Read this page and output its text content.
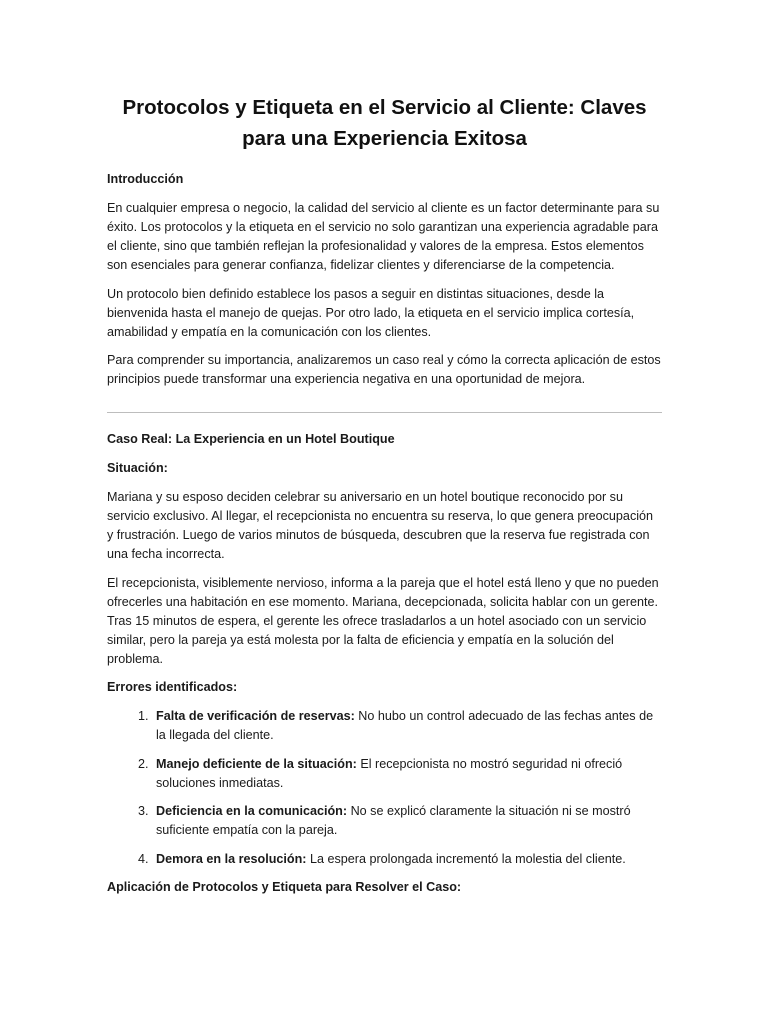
Protocolos y Etiqueta en el Servicio al Cliente: Claves para una Experiencia Exitosa
Introducción

En cualquier empresa o negocio, la calidad del servicio al cliente es un factor determinante para su éxito. Los protocolos y la etiqueta en el servicio no solo garantizan una experiencia agradable para el cliente, sino que también reflejan la profesionalidad y valores de la empresa. Estos elementos son esenciales para generar confianza, fidelizar clientes y diferenciarse de la competencia.

Un protocolo bien definido establece los pasos a seguir en distintas situaciones, desde la bienvenida hasta el manejo de quejas. Por otro lado, la etiqueta en el servicio implica cortesía, amabilidad y empatía en la comunicación con los clientes.

Para comprender su importancia, analizaremos un caso real y cómo la correcta aplicación de estos principios puede transformar una experiencia negativa en una oportunidad de mejora.

Caso Real: La Experiencia en un Hotel Boutique
Situación:

Mariana y su esposo deciden celebrar su aniversario en un hotel boutique reconocido por su servicio exclusivo. Al llegar, el recepcionista no encuentra su reserva, lo que genera preocupación y frustración. Luego de varios minutos de búsqueda, descubren que la reserva fue registrada con una fecha incorrecta.

El recepcionista, visiblemente nervioso, informa a la pareja que el hotel está lleno y que no pueden ofrecerles una habitación en ese momento. Mariana, decepcionada, solicita hablar con un gerente. Tras 15 minutos de espera, el gerente les ofrece trasladarlos a un hotel asociado con un servicio similar, pero la pareja ya está molesta por la falta de eficiencia y empatía en la solución del problema.

Errores identificados:
1. Falta de verificación de reservas: No hubo un control adecuado de las fechas antes de la llegada del cliente.
2. Manejo deficiente de la situación: El recepcionista no mostró seguridad ni ofreció soluciones inmediatas.
3. Deficiencia en la comunicación: No se explicó claramente la situación ni se mostró suficiente empatía con la pareja.
4. Demora en la resolución: La espera prolongada incrementó la molestia del cliente.
Aplicación de Protocolos y Etiqueta para Resolver el Caso:
